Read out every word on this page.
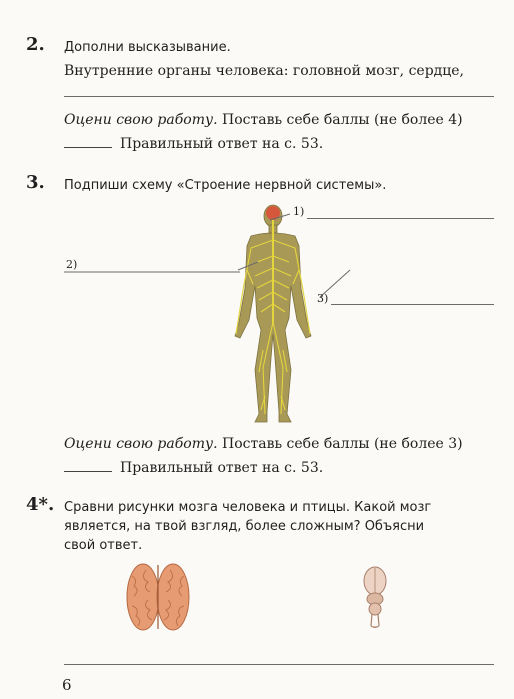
2. Дополни высказывание.
Внутренние органы человека: головной мозг, сердце,
Оцени свою работу. Поставь себе баллы (не более 4)
Правильный ответ на с. 53.
3. Подпиши схему «Строение нервной системы».
1)
2)
3)
Оцени свою работу. Поставь себе баллы (не более 3)
Правильный ответ на с. 53.
4*. Сравни рисунки мозга человека и птицы. Какой мозг
является, на твой взгляд, более сложным? Объясни
свой ответ.
6
